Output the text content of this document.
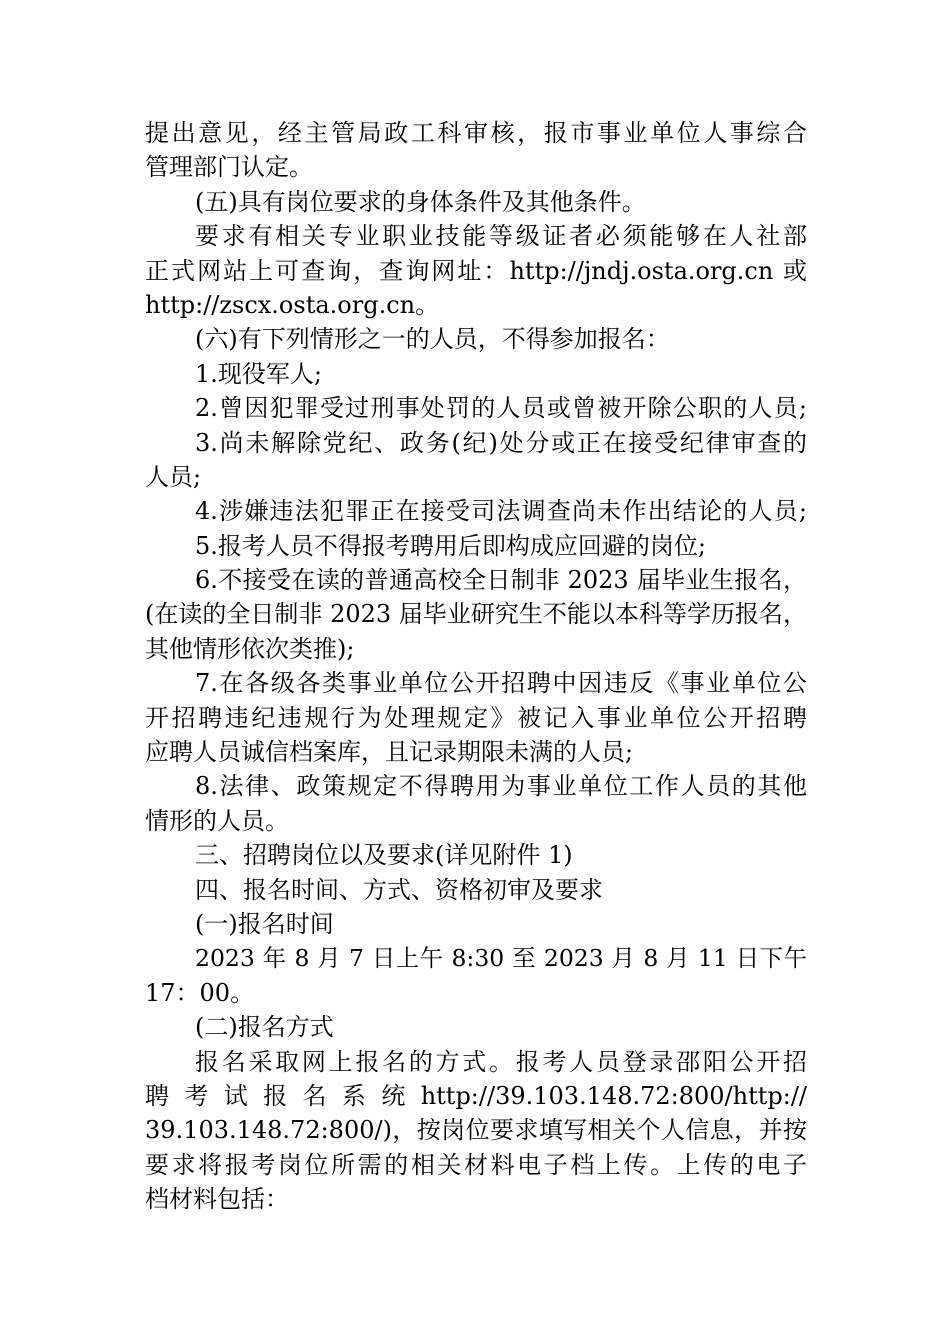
提出意见，经主管局政工科审核，报市事业单位人事综合
管理部门认定。
(五)具有岗位要求的身体条件及其他条件。
要求有相关专业职业技能等级证者必须能够在人社部
正式网站上可查询，查询网址：http://jndj.osta.org.cn 或
http://zscx.osta.org.cn。
(六)有下列情形之一的人员，不得参加报名：
1.现役军人;
2.曾因犯罪受过刑事处罚的人员或曾被开除公职的人员;
3.尚未解除党纪、政务(纪)处分或正在接受纪律审查的
人员;
4.涉嫌违法犯罪正在接受司法调查尚未作出结论的人员;
5.报考人员不得报考聘用后即构成应回避的岗位;
6.不接受在读的普通高校全日制非 2023 届毕业生报名，
(在读的全日制非 2023 届毕业研究生不能以本科等学历报名，
其他情形依次类推);
7.在各级各类事业单位公开招聘中因违反《事业单位公
开招聘违纪违规行为处理规定》被记入事业单位公开招聘
应聘人员诚信档案库，且记录期限未满的人员;
8.法律、政策规定不得聘用为事业单位工作人员的其他
情形的人员。
三、招聘岗位以及要求(详见附件 1)
四、报名时间、方式、资格初审及要求
(一)报名时间
2023 年 8 月 7 日上午 8:30 至 2023 月 8 月 11 日下午
17：00。
(二)报名方式
报名采取网上报名的方式。报考人员登录邵阳公开招
聘 考 试 报 名 系 统 http://39.103.148.72:800/http://
39.103.148.72:800/)，按岗位要求填写相关个人信息，并按
要求将报考岗位所需的相关材料电子档上传。上传的电子
档材料包括：
